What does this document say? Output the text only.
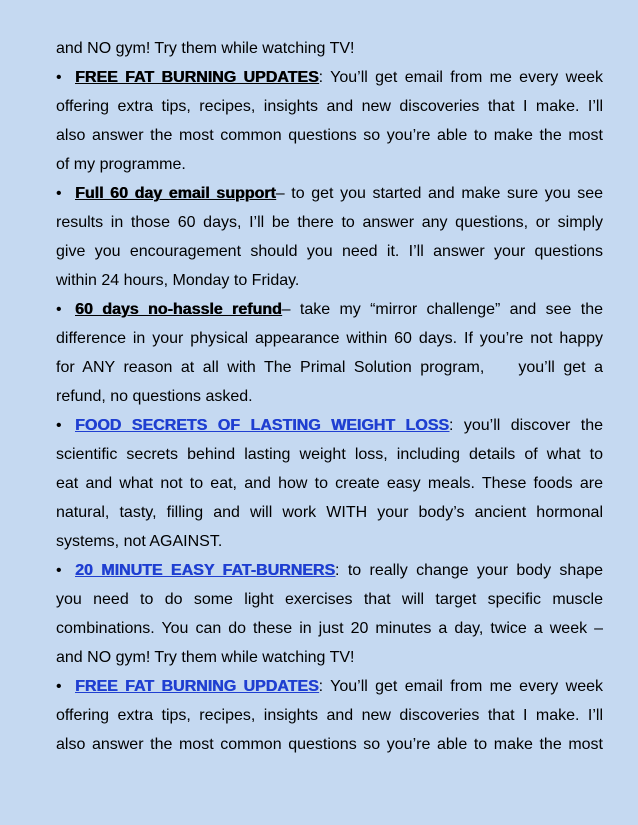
and NO gym! Try them while watching TV!
• FREE FAT BURNING UPDATES: You’ll get email from me every week
offering extra tips, recipes, insights and new discoveries that I make. I’ll
also answer the most common questions so you’re able to make the most
of my programme.
• Full 60 day email support– to get you started and make sure you see
results in those 60 days, I’ll be there to answer any questions, or simply
give you encouragement should you need it. I’ll answer your questions
within 24 hours, Monday to Friday.
• 60 days no-hassle refund– take my “mirror challenge” and see the
difference in your physical appearance within 60 days. If you’re not happy
for ANY reason at all with The Primal Solution program,    you’ll get a
refund, no questions asked.
• FOOD SECRETS OF LASTING WEIGHT LOSS: you’ll discover the
scientific secrets behind lasting weight loss, including details of what to
eat and what not to eat, and how to create easy meals. These foods are
natural, tasty, filling and will work WITH your body’s ancient hormonal
systems, not AGAINST.
• 20 MINUTE EASY FAT-BURNERS: to really change your body shape
you need to do some light exercises that will target specific muscle
combinations. You can do these in just 20 minutes a day, twice a week –
and NO gym! Try them while watching TV!
• FREE FAT BURNING UPDATES: You’ll get email from me every week
offering extra tips, recipes, insights and new discoveries that I make. I’ll
also answer the most common questions so you’re able to make the most
